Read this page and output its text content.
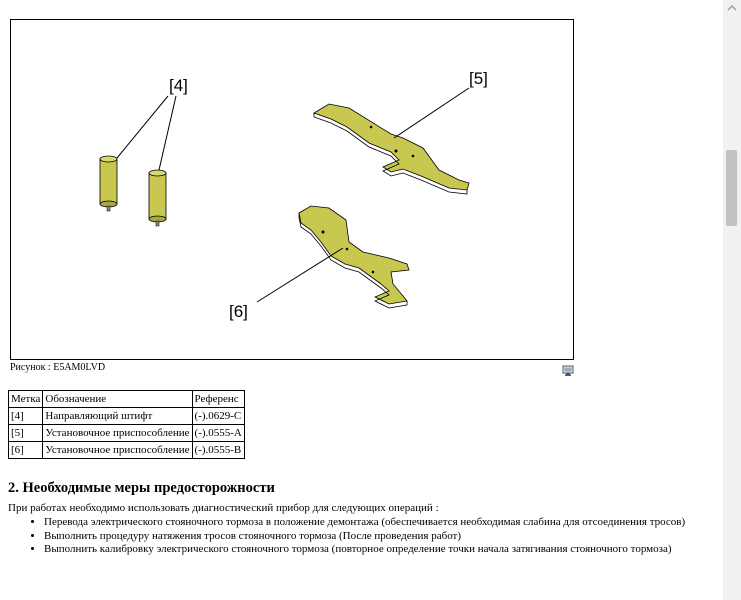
[4]	[5]
[6]
Рисунок : E5AM0LVD
Метка	Обозначение	Референс
[4]	Направляющий штифт	(-).0629-C
[5]	Установочное приспособление	(-).0555-A
[6]	Установочное приспособление	(-).0555-B
2. Необходимые меры предосторожности
При работах необходимо использовать диагностический прибор для следующих операций :
• Перевода электрического стояночного тормоза в положение демонтажа (обеспечивается необходимая слабина для отсоединения тросов)
• Выполнить процедуру натяжения тросов стояночного тормоза (После проведения работ)
• Выполнить калибровку электрического стояночного тормоза (повторное определение точки начала затягивания стояночного тормоза)
